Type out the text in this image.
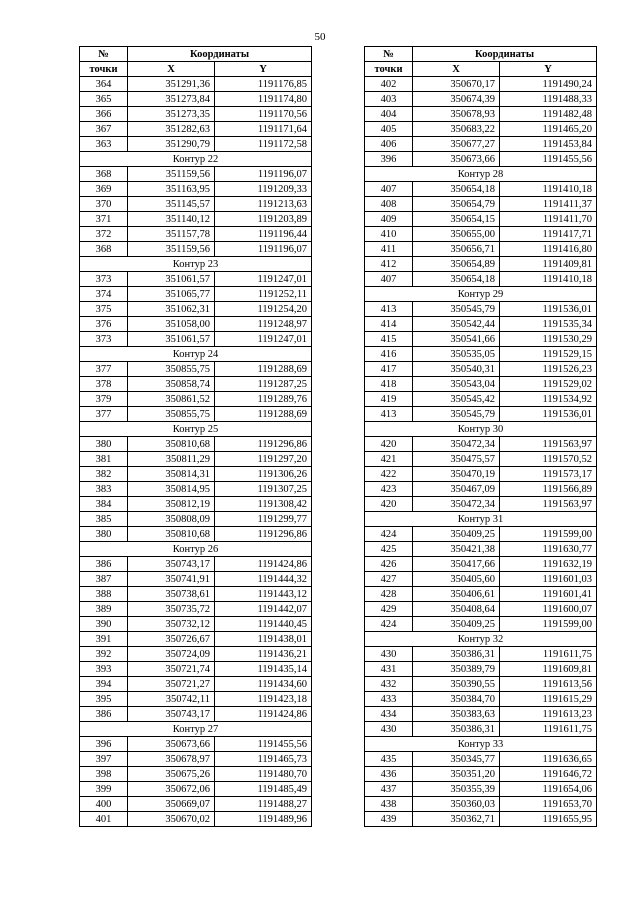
50
№	Координаты	
точки	X	Y
364	351291,36	1191176,85
365	351273,84	1191174,80
366	351273,35	1191170,56
367	351282,63	1191171,64
363	351290,79	1191172,58
Контур 22		
368	351159,56	1191196,07
369	351163,95	1191209,33
370	351145,57	1191213,63
371	351140,12	1191203,89
372	351157,78	1191196,44
368	351159,56	1191196,07
Контур 23		
373	351061,57	1191247,01
374	351065,77	1191252,11
375	351062,31	1191254,20
376	351058,00	1191248,97
373	351061,57	1191247,01
Контур 24		
377	350855,75	1191288,69
378	350858,74	1191287,25
379	350861,52	1191289,76
377	350855,75	1191288,69
Контур 25		
380	350810,68	1191296,86
381	350811,29	1191297,20
382	350814,31	1191306,26
383	350814,95	1191307,25
384	350812,19	1191308,42
385	350808,09	1191299,77
380	350810,68	1191296,86
Контур 26		
386	350743,17	1191424,86
387	350741,91	1191444,32
388	350738,61	1191443,12
389	350735,72	1191442,07
390	350732,12	1191440,45
391	350726,67	1191438,01
392	350724,09	1191436,21
393	350721,74	1191435,14
394	350721,27	1191434,60
395	350742,11	1191423,18
386	350743,17	1191424,86
Контур 27		
396	350673,66	1191455,56
397	350678,97	1191465,73
398	350675,26	1191480,70
399	350672,06	1191485,49
400	350669,07	1191488,27
401	350670,02	1191489,96
№	Координаты	
точки	X	Y
402	350670,17	1191490,24
403	350674,39	1191488,33
404	350678,93	1191482,48
405	350683,22	1191465,20
406	350677,27	1191453,84
396	350673,66	1191455,56
Контур 28		
407	350654,18	1191410,18
408	350654,79	1191411,37
409	350654,15	1191411,70
410	350655,00	1191417,71
411	350656,71	1191416,80
412	350654,89	1191409,81
407	350654,18	1191410,18
Контур 29		
413	350545,79	1191536,01
414	350542,44	1191535,34
415	350541,66	1191530,29
416	350535,05	1191529,15
417	350540,31	1191526,23
418	350543,04	1191529,02
419	350545,42	1191534,92
413	350545,79	1191536,01
Контур 30		
420	350472,34	1191563,97
421	350475,57	1191570,52
422	350470,19	1191573,17
423	350467,09	1191566,89
420	350472,34	1191563,97
Контур 31		
424	350409,25	1191599,00
425	350421,38	1191630,77
426	350417,66	1191632,19
427	350405,60	1191601,03
428	350406,61	1191601,41
429	350408,64	1191600,07
424	350409,25	1191599,00
Контур 32		
430	350386,31	1191611,75
431	350389,79	1191609,81
432	350390,55	1191613,56
433	350384,70	1191615,29
434	350383,63	1191613,23
430	350386,31	1191611,75
Контур 33		
435	350345,77	1191636,65
436	350351,20	1191646,72
437	350355,39	1191654,06
438	350360,03	1191653,70
439	350362,71	1191655,95
